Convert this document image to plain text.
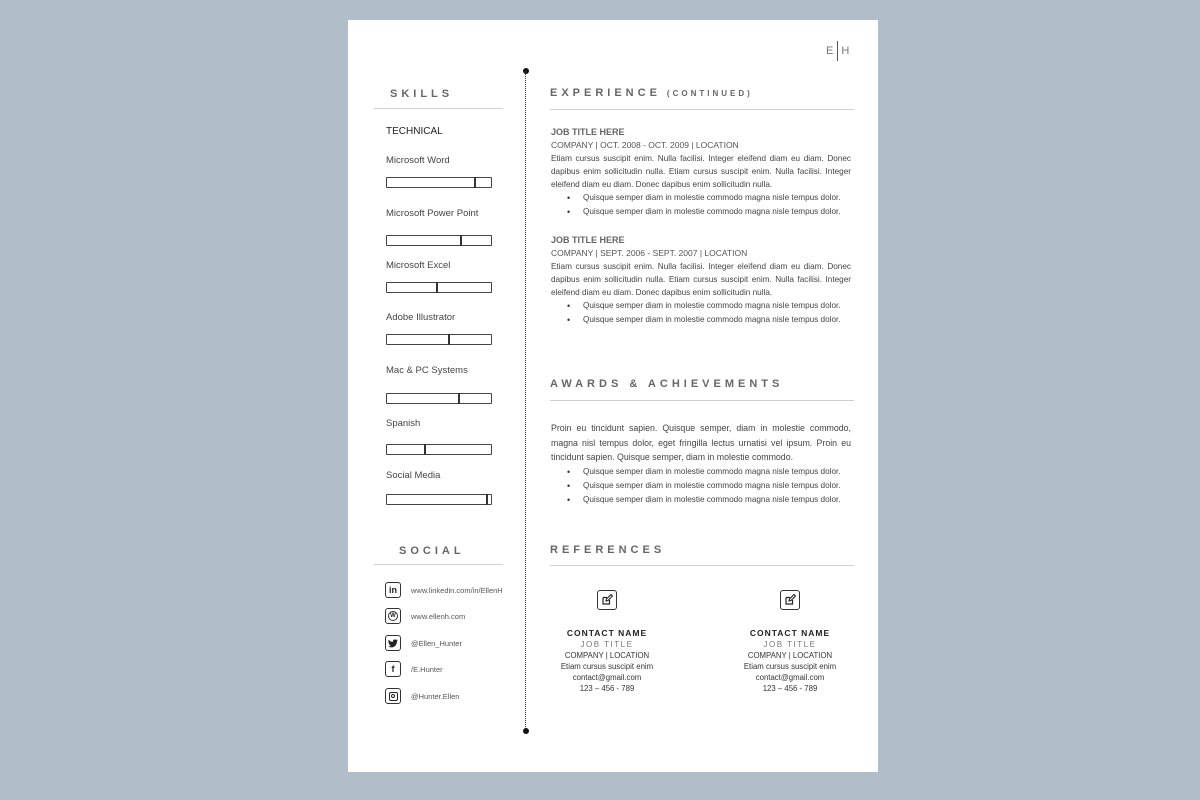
E H
SKILLS
TECHNICAL
Microsoft Word
Microsoft Power Point
Microsoft Excel
Adobe Illustrator
Mac & PC Systems
Spanish
Social Media
SOCIAL
in	www.linkedin.com/in/EllenH
W www.ellenh.com
@Ellen_Hunter
f	/E.Hunter
@Hunter.Ellen
EXPERIENCE (CONTINUED)
JOB TITLE HERE
COMPANY | OCT. 2008 - OCT. 2009 | LOCATION
Etiam cursus suscipit enim. Nulla facilisi. Integer eleifend diam eu diam. Donec dapibus enim sollicitudin nulla. Etiam cursus suscipit enim. Nulla facilisi. Integer eleifend diam eu diam. Donec dapibus enim sollicitudin nulla.
• Quisque semper diam in molestie commodo magna nisle tempus dolor.
• Quisque semper diam in molestie commodo magna nisle tempus dolor.
JOB TITLE HERE
COMPANY | SEPT. 2006 - SEPT. 2007 | LOCATION
Etiam cursus suscipit enim. Nulla facilisi. Integer eleifend diam eu diam. Donec dapibus enim sollicitudin nulla. Etiam cursus suscipit enim. Nulla facilisi. Integer eleifend diam eu diam. Donec dapibus enim sollicitudin nulla.
• Quisque semper diam in molestie commodo magna nisle tempus dolor.
• Quisque semper diam in molestie commodo magna nisle tempus dolor.
AWARDS & ACHIEVEMENTS
Proin eu tincidunt sapien. Quisque semper, diam in molestie commodo, magna nisl tempus dolor, eget fringilla lectus urnatisi vel ipsum. Proin eu tincidunt sapien. Quisque semper, diam in molestie commodo.
• Quisque semper diam in molestie commodo magna nisle tempus dolor.
• Quisque semper diam in molestie commodo magna nisle tempus dolor.
• Quisque semper diam in molestie commodo magna nisle tempus dolor.
REFERENCES
CONTACT NAME
JOB TITLE
COMPANY | LOCATION
Etiam cursus suscipit enim
contact@gmail.com
123 – 456 - 789
CONTACT NAME
JOB TITLE
COMPANY | LOCATION
Etiam cursus suscipit enim
contact@gmail.com
123 – 456 - 789
